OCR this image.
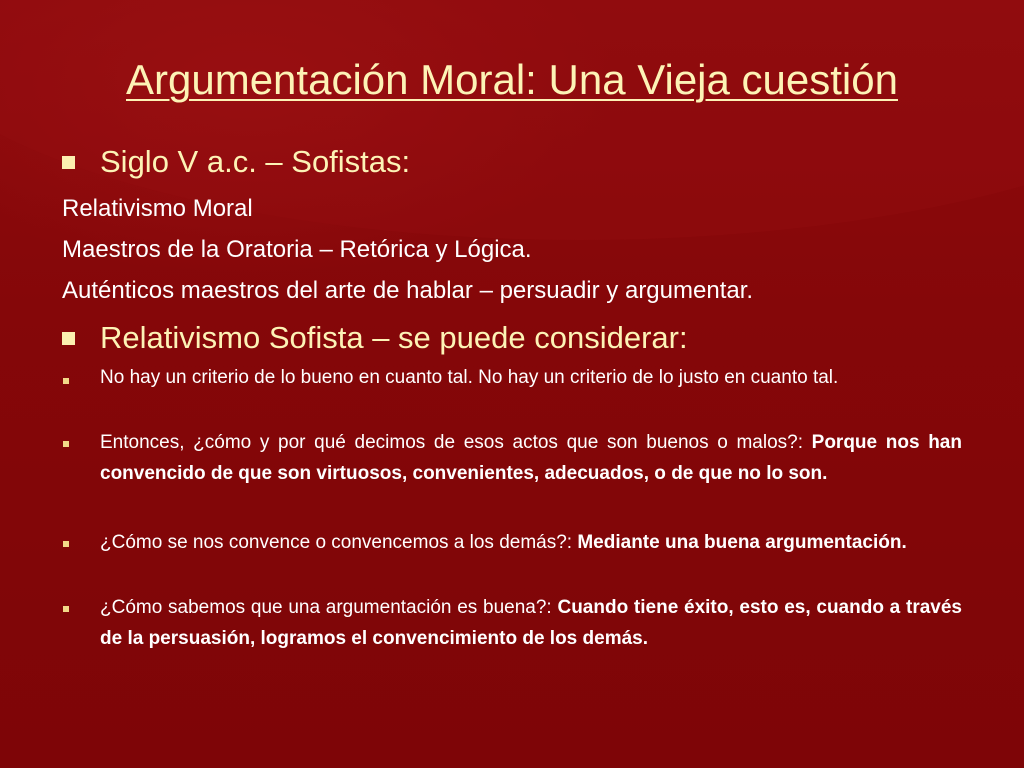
Argumentación Moral: Una Vieja cuestión
Siglo V a.c. – Sofistas:
Relativismo Moral
Maestros de la Oratoria – Retórica y Lógica.
Auténticos maestros del arte de hablar – persuadir y argumentar.
Relativismo Sofista – se puede considerar:
No hay un criterio de lo bueno en cuanto tal. No hay un criterio de lo justo en cuanto tal.
Entonces, ¿cómo y por qué decimos de esos actos que son buenos o malos?: Porque nos han convencido de que son virtuosos, convenientes, adecuados, o de que no lo son.
¿Cómo se nos convence o convencemos a los demás?: Mediante una buena argumentación.
¿Cómo sabemos que una argumentación es buena?: Cuando tiene éxito, esto es, cuando a través de la persuasión, logramos el convencimiento de los demás.
